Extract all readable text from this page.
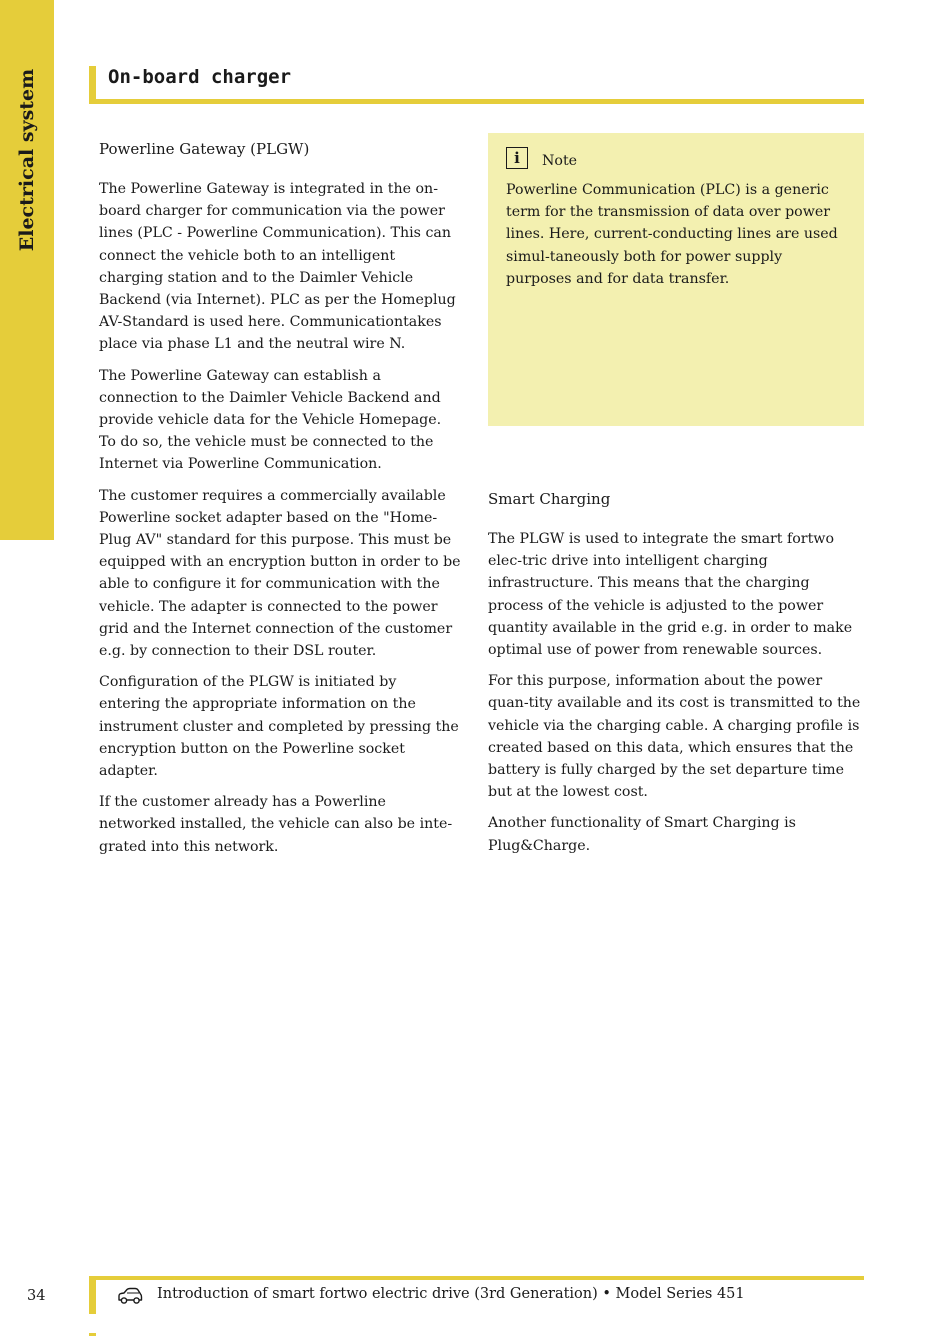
Electrical system	On-board charger
Powerline Gateway (PLGW)

The Powerline Gateway is integrated in the on-board charger for communication via the power lines (PLC - Powerline Communication). This can connect the vehicle both to an intelligent charging station and to the Daimler Vehicle Backend (via Internet). PLC as per the Homeplug AV-Standard is used here. Communicationtakes place via phase L1 and the neutral wire N.

The Powerline Gateway can establish a connection to the Daimler Vehicle Backend and provide vehicle data for the Vehicle Homepage. To do so, the vehicle must be connected to the Internet via Powerline Communication.

The customer requires a commercially available Powerline socket adapter based on the "Home-Plug AV" standard for this purpose. This must be equipped with an encryption button in order to be able to configure it for communication with the vehicle. The adapter is connected to the power grid and the Internet connection of the customer e.g. by connection to their DSL router.

Configuration of the PLGW is initiated by entering the appropriate information on the instrument cluster and completed by pressing the encryption button on the Powerline socket adapter.

If the customer already has a Powerline networked installed, the vehicle can also be inte-grated into this network.

i	Note

Powerline Communication (PLC) is a generic term for the transmission of data over power lines. Here, current-conducting lines are used simul-taneously both for power supply purposes and for data transfer.

Smart Charging

The PLGW is used to integrate the smart fortwo elec-tric drive into intelligent charging infrastructure. This means that the charging process of the vehicle is adjusted to the power quantity available in the grid e.g. in order to make optimal use of power from renewable sources.

For this purpose, information about the power quan-tity available and its cost is transmitted to the vehicle via the charging cable. A charging profile is created based on this data, which ensures that the battery is fully charged by the set departure time but at the lowest cost.

Another functionality of Smart Charging is Plug&Charge.

34	Introduction of smart fortwo electric drive (3rd Generation) • Model Series 451
